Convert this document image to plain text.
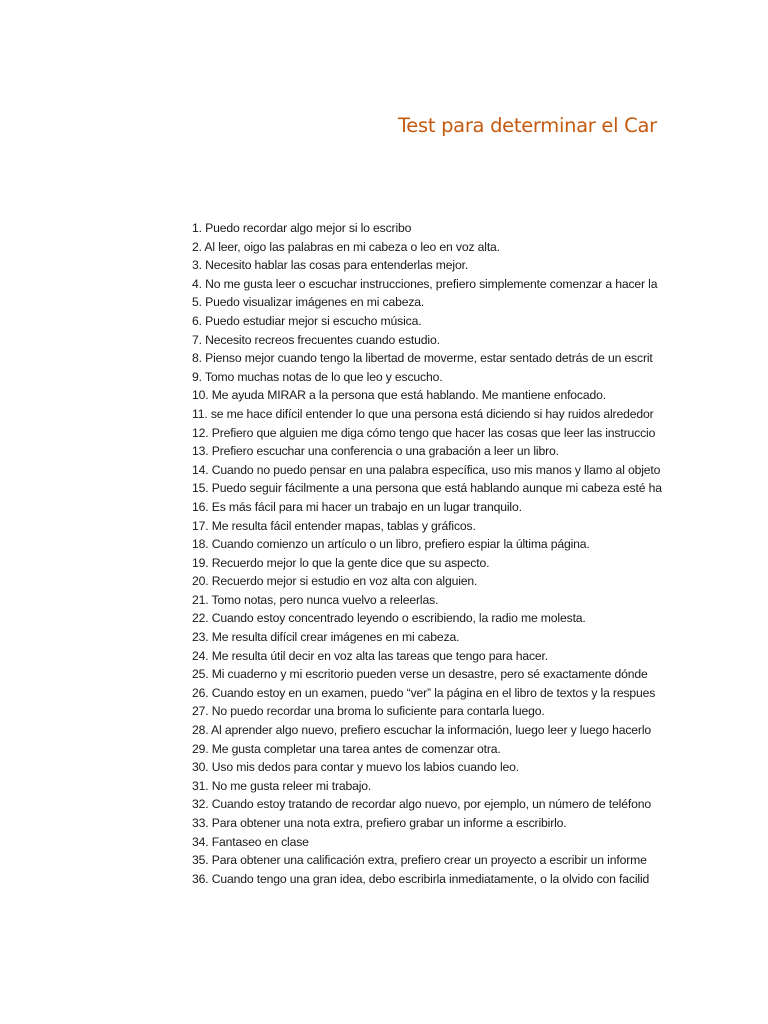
Test para determinar el Car
1. Puedo recordar algo mejor si lo escribo
2. Al leer, oigo las palabras en mi cabeza o leo en voz alta.
3. Necesito hablar las cosas para entenderlas mejor.
4. No me gusta leer o escuchar instrucciones, prefiero simplemente comenzar a hacer la
5. Puedo visualizar imágenes en mi cabeza.
6. Puedo estudiar mejor si escucho música.
7. Necesito recreos frecuentes cuando estudio.
8. Pienso mejor cuando tengo la libertad de moverme, estar sentado detrás de un escrit
9. Tomo muchas notas de lo que leo y escucho.
10. Me ayuda MIRAR a la persona que está hablando. Me mantiene enfocado.
11. se me hace difícil entender lo que una persona está diciendo si hay ruidos alrededor
12. Prefiero que alguien me diga cómo tengo que hacer las cosas que leer las instruccio
13. Prefiero escuchar una conferencia o una grabación a leer un libro.
14. Cuando no puedo pensar en una palabra específica, uso mis manos y llamo al objeto
15. Puedo seguir fácilmente a una persona que está hablando aunque mi cabeza esté ha
16. Es más fácil para mi hacer un trabajo en un lugar tranquilo.
17. Me resulta fácil entender mapas, tablas y gráficos.
18. Cuando comienzo un artículo o un libro, prefiero espiar la última página.
19. Recuerdo mejor lo que la gente dice que su aspecto.
20. Recuerdo mejor si estudio en voz alta con alguien.
21. Tomo notas, pero nunca vuelvo a releerlas.
22. Cuando estoy concentrado leyendo o escribiendo, la radio me molesta.
23. Me resulta difícil crear imágenes en mi cabeza.
24. Me resulta útil decir en voz alta las tareas que tengo para hacer.
25. Mi cuaderno y mi escritorio pueden verse un desastre, pero sé exactamente dónde
26. Cuando estoy en un examen, puedo “ver” la página en el libro de textos y la respues
27. No puedo recordar una broma lo suficiente para contarla luego.
28. Al aprender algo nuevo, prefiero escuchar la información, luego leer y luego hacerlo
29. Me gusta completar una tarea antes de comenzar otra.
30. Uso mis dedos para contar y muevo los labios cuando leo.
31. No me gusta releer mi trabajo.
32. Cuando estoy tratando de recordar algo nuevo, por ejemplo, un número de teléfono
33. Para obtener una nota extra, prefiero grabar un informe a escribirlo.
34. Fantaseo en clase
35. Para obtener una calificación extra, prefiero crear un proyecto a escribir un informe
36. Cuando tengo una gran idea, debo escribirla inmediatamente, o la olvido con facilid
